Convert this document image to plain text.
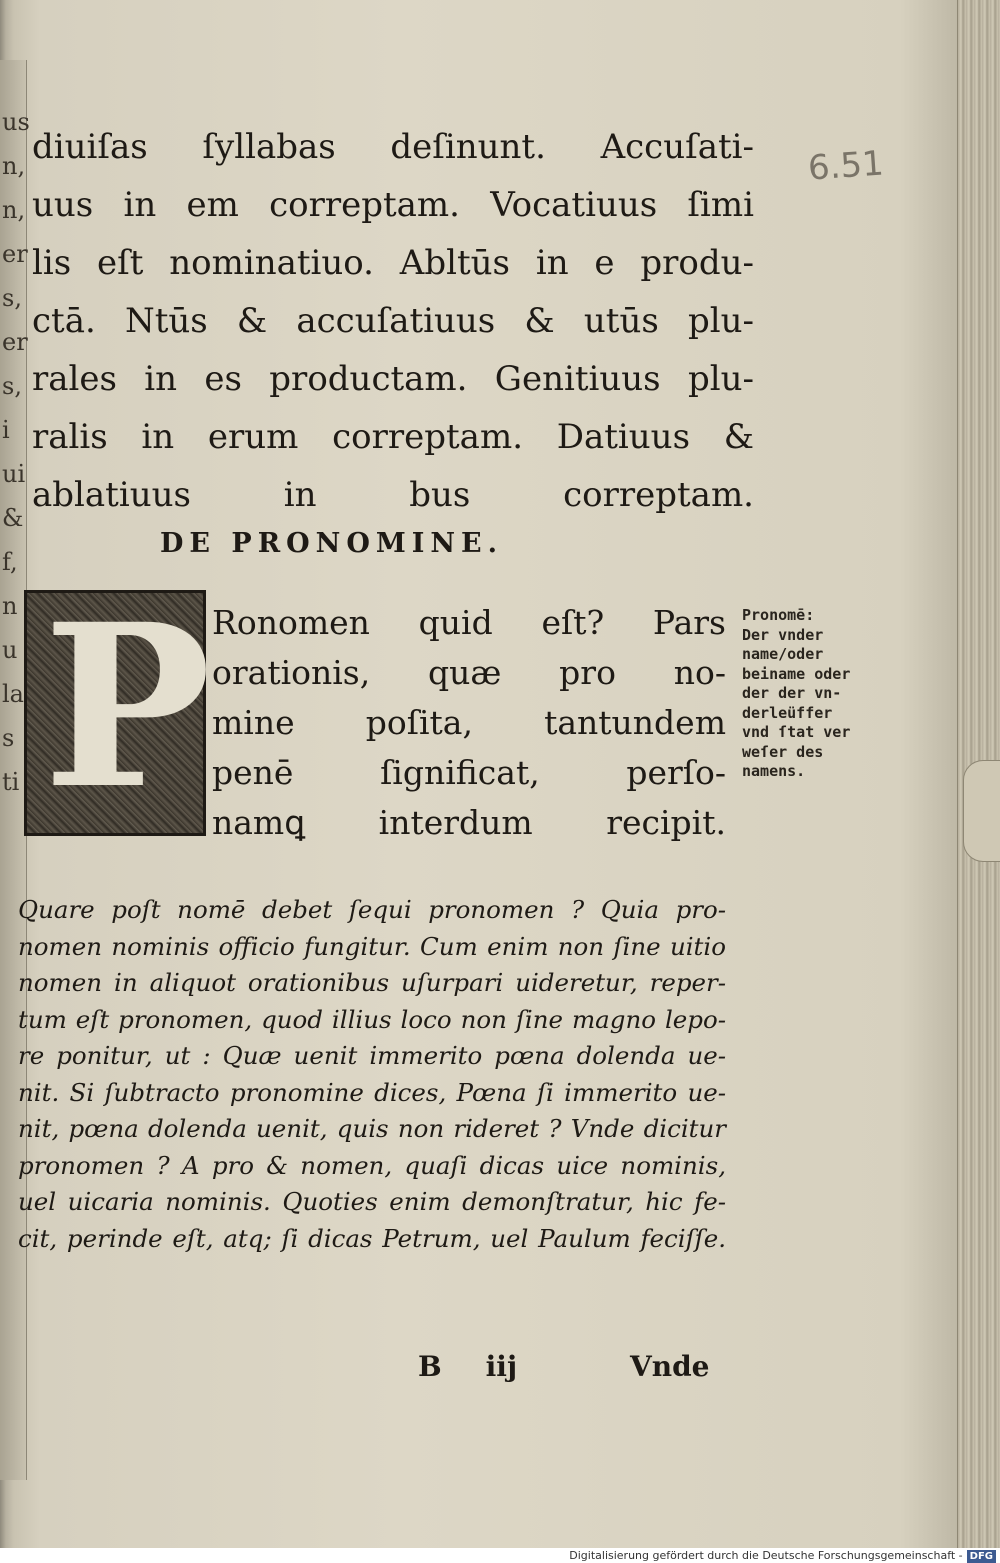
us
n,
n,
er
s,
er
s,
i
ui
&
f,
n
u
la
s
ti
6.51

diuiſas ſyllabas deſinunt. Accuſati-
uus in em correptam. Vocatiuus ſimi
lis eſt nominatiuo. Abltūs in e produ-
ctā. Ntūs & accuſatiuus & utūs plu-
rales in es productam. Genitiuus plu-
ralis in erum correptam. Datiuus &
ablatiuus in bus correptam.

DE PRONOMINE.
P Ronomen quid eſt? Pars
orationis, quæ pro no-
mine poſita, tantundem
penē ſignificat, perſo-
namꝗ interdum recipit.
Pronomē:
Der vnder
name/oder
beiname oder
der der vn-
derleüffer
vnd ſtat ver
weſer des
namens.
Quare poſt nomē debet ſequi pronomen ? Quia pro-
nomen nominis officio fungitur. Cum enim non ſine uitio
nomen in aliquot orationibus uſurpari uideretur, reper-
tum eſt pronomen, quod illius loco non ſine magno lepo-
re ponitur, ut : Quæ uenit immerito pœna dolenda ue-
nit. Si ſubtracto pronomine dices, Pœna ſi immerito ue-
nit, pœna dolenda uenit, quis non rideret ? Vnde dicitur
pronomen ? A pro & nomen, quaſi dicas uice nominis,
uel uicaria nominis. Quoties enim demonſtratur, hic fe-
cit, perinde eſt, atq; ſi dicas Petrum, uel Paulum feciſſe.
B iij	Vnde
Digitalisierung gefördert durch die Deutsche Forschungsgemeinschaft - DFG
